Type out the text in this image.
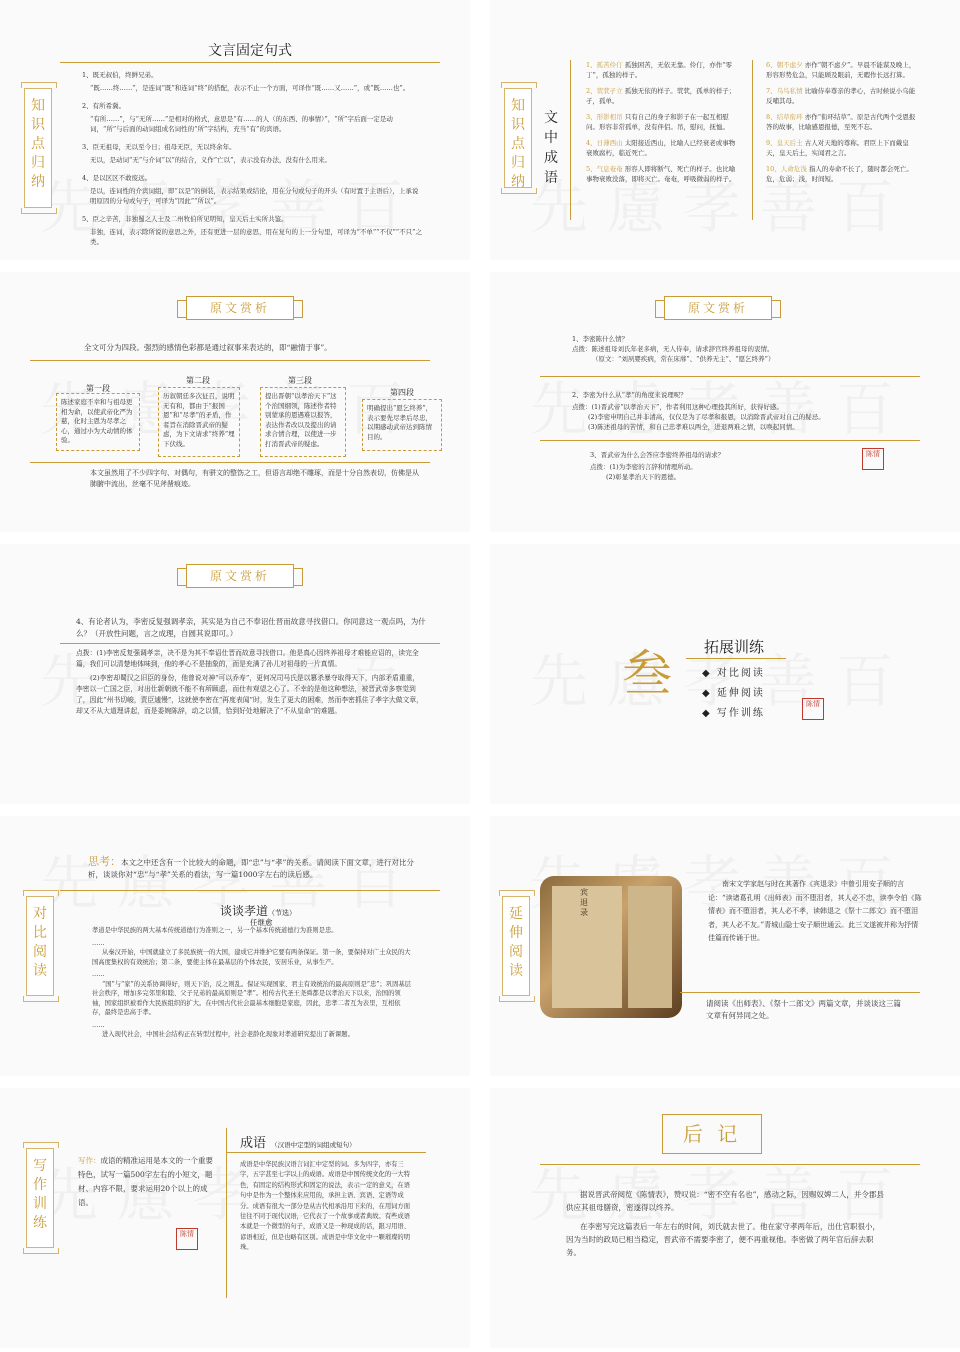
文言固定句式
知识点归纳

1、既无叔伯，终鲜兄弟。

“既……终……”，是连词“既”和连词“终”的搭配，表示不止一个方面，可译作“既……又……”，或“既……也”。

2、有所希冀。

“有所……”，与“无所……”是相对的格式，意思是“有……的人（的东西、的事情）”，“所”字后面一定是动词，“所”与后面的动词组成名词性的“所”字结构，充当“有”的宾语。

3、臣无祖母，无以至今日；祖母无臣，无以终余年。

无以，是动词“无”与介词“以”的结合，义作“亡以”，表示没有办法，没有什么用来。

4、是以区区不敢废远。

是以，连词性的介宾词组，即“以是”的倒装，表示结果或结论，用在分句或句子的开头（有时置于主语后），上承说明原因的分句或句子，可译为“因此”“所以”。

5、臣之辛苦，非独蜀之人士及二州牧伯所见明知，皇天后土实所共鉴。

非独，连词，表示除所说的意思之外，还有更进一层的意思，用在复句的上一分句里，可译为“不单”“不仅”“不只”之类。

知识点归纳
文中成语
1、孤苦伶仃 孤独困苦，无依无靠。伶仃，亦作“零丁”，孤独的样子。
2、茕茕孑立 孤独无依的样子。茕茕，孤单的样子；孑，孤单。
3、形影相吊 只有自己的身子和影子在一起互相慰问。形容非常孤单，没有伴侣。吊，慰问，抚恤。
4、日薄西山 太阳接近西山，比喻人已经衰老或事物衰败腐朽，临近死亡。
5、气息奄奄 形容人即将断气、死亡的样子。也比喻事物衰败没落，即将灭亡。奄奄，呼吸微弱的样子。
6、朝不虑夕 亦作“朝不虑夕”。早晨不能谋及晚上，形容形势危急，只能顾及眼前，无暇作长远打算。
7、乌鸟私情 比喻侍奉尊亲的孝心，古时候说小乌能反哺其母。
8、结草衔环 亦作“衔环结草”。原是古代两个受恩报答的故事，比喻感恩报德，至死不忘。
9、皇天后土 古人对天地的尊称。君臣上下而戴皇天，皇天后土，实闻君之言。
10、人命危浅 指人的寿命不长了，随时都会死亡。危，危弱；浅，时间短。
原文赏析
全文可分为四段。强烈的感情色彩都是通过叙事来表达的，即“融情于事”。
第一段
陈述家庭不幸和与祖母更相为命，以使武帝化严为慈，化时主恩为尽孝之心，通过小为大动情的体验。
第二段
历叙朝廷多次征召，说明无有和，都由于“报国恩”和“尽孝”的矛盾，作者旨在消除晋武帝的疑虑，为下文请求“终养”埋下伏线。
第三段
提出晋朝“以孝治天下”这个治国纲领，陈述作者特别蒙承的恩遇难以报答，表达作者改以及提出的请求合情合理，以使进一步打消晋武帝的疑虑。
第四段
明确提出“愿乞终养”，表示要先尽孝后尽忠，以期感动武帝达到陈情目的。
本文虽然用了不少四字句、对偶句，有骈文的整饬之工，但语言却绝不雕琢，而是十分自然表切，仿佛是从肺腑中流出，丝毫不见斧凿痕迹。
原文赏析
1、李密陈什么情？
点拨：陈述祖母刘氏年老多病，无人侍奉，请求辞官终养祖母的衷情。
（原文：“刘夙婴疾病，常在床蓐”、“供养无主”、“愿乞终养”）
2、李密为什么从“孝”的角度来说理呢？
点拨：(1)晋武帝“以孝治天下”，作者利用这种心理投其所好，获得好感。
(2)李密申明自己并非清高，仅仅是为了尽孝和报恩，以消除晋武帝对自己的疑忌。
(3)陈述祖母的苦情，和自己忠孝难以两全，进退两难之情，以唤起同情。
3、晋武帝为什么会答应李密终养祖母的请求？
点拨：(1)为李密的言辞和情理所动。
(2)彰显孝治天下的恩德。
陈情
原文赏析
4、有论者认为，李密反复强调孝亲，其实是为自己不奉诏仕晋而故意寻找借口。你同意这一观点吗，为什么？（开放性问题，言之成理，自圆其说即可。）

点拨：(1)李密反复强调孝亲，决不是为其不奉诏仕晋而故意寻找借口。他是真心因终养祖母才难能应诏的，读完全篇，我们可以清楚地体味到，他的孝心不是抽象的，而是充满了孙儿对祖母的一片真情。

(2)李密却蜀汉之旧臣的身份，他曾说对神“可以乔寿”，更何况司马氏是以篡杀暴夺取得天下，内部矛盾重重，李密以一亡国之臣，对出仕新朝就不能不有所顾虑，而仕有观望之心了。不幸的是他这种想法，被晋武帝多察觉到了，因此“州书切峻，责臣逋慢”，这就使李密在“再度表闻”时，发生了更大的困难，然而李密抓住了孝字大做文章，却又不从大道理讲起，而是委婉陈辞，动之以情，恰到好处地解决了“不从皇命”的难题。

叁 拓展训练
◆ 对比阅读
◆ 延伸阅读
◆ 写作训练
陈情
对比阅读
思考：本文之中还含有一个比较大的命题，即“忠”与“孝”的关系。请阅读下面文章，进行对比分析，谈谈你对“忠”与“孝”关系的看法，写一篇1000字左右的读后感。
谈谈孝道（节选）
任继愈

孝道是中华民族的两大基本传统道德行为准则之一，另一个基本传统道德行为准则是忠。

……

从秦汉开始，中国就建立了多民族统一的大国，建成它并维护它要有两条保证。第一条，要保持对广土众民的大国高度集权的有效统治；第二条，要使主体在最基层的个体农民，安居乐业，从事生产。

……

“国”与“家”的关系协调得好，则天下治，反之则乱。保证实现国家、君主有效统治的最高原则是“忠”；巩固基层社会秩序，增加多完邻里和睦、父子兄弟的最高原则是“孝”。相传古代圣王尧舜都是以孝治天下以来，治国的领袖，国家组织被看作大民族组织的扩大。在中国古代社会最基本细胞是家庭，因此，忠孝二者互为表里，互相依存，最终是忠高于孝。

……

进入现代社会，中国社会结构正在转型过程中，社会老龄化现象对孝道研究提出了新课题。

延伸阅读
宾退录
南宋文学家赵与时在其著作《宾退录》中曾引用安子顺的言论：“读诸葛孔明《出师表》而不堕泪者，其人必不忠，读李令伯《陈情表》而不堕泪者，其人必不孝，读韩退之《祭十二郎文》而不堕泪者，其人必不友。”青城山隐士安子顺世通云。此三文遂被并称为抒情佳篇而传诵于世。
请阅读《出师表》、《祭十二郎文》两篇文章，并谈谈这三篇文章有何异同之处。
写作训练
写作：成语的精准运用是本文的一个重要特色，试写一篇500字左右的小短文，题材、内容不限，要求运用20个以上的成语。
陈情
成语 （汉语中定型的词组或短句）
成语是中华民族汉语言词汇中定型的词。多为四字，亦有三字，五字甚至七字以上的成语。成语是中国传统文化的一大特色，有固定的结构形式和固定的说法，表示一定的意义，在语句中是作为一个整体来应用的，承担主语、宾语、定语等成分。成语有很大一部分是从古代相承沿用下来的，在用词方面往往不同于现代汉语，它代表了一个故事或者典故。有些成语本就是一个微型的句子，成语又是一种现成的话，跟习用语、谚语相近，但是也略有区别。成语是中华文化中一颗璀璨的明珠。
后 记

据说晋武帝阅览《陈情表》，赞叹说：“密不空有名也”，感动之际，因赐奴婢二人，并令郡县供应其祖母膳资，密遂得以终养。

在李密写完这篇表后一年左右的时间，刘氏就去世了。他在家守孝两年后，出仕官职很小，因为当时的政局已相当稳定，晋武帝不需要李密了，便不再重视他。李密做了两年官后辞去职务。
